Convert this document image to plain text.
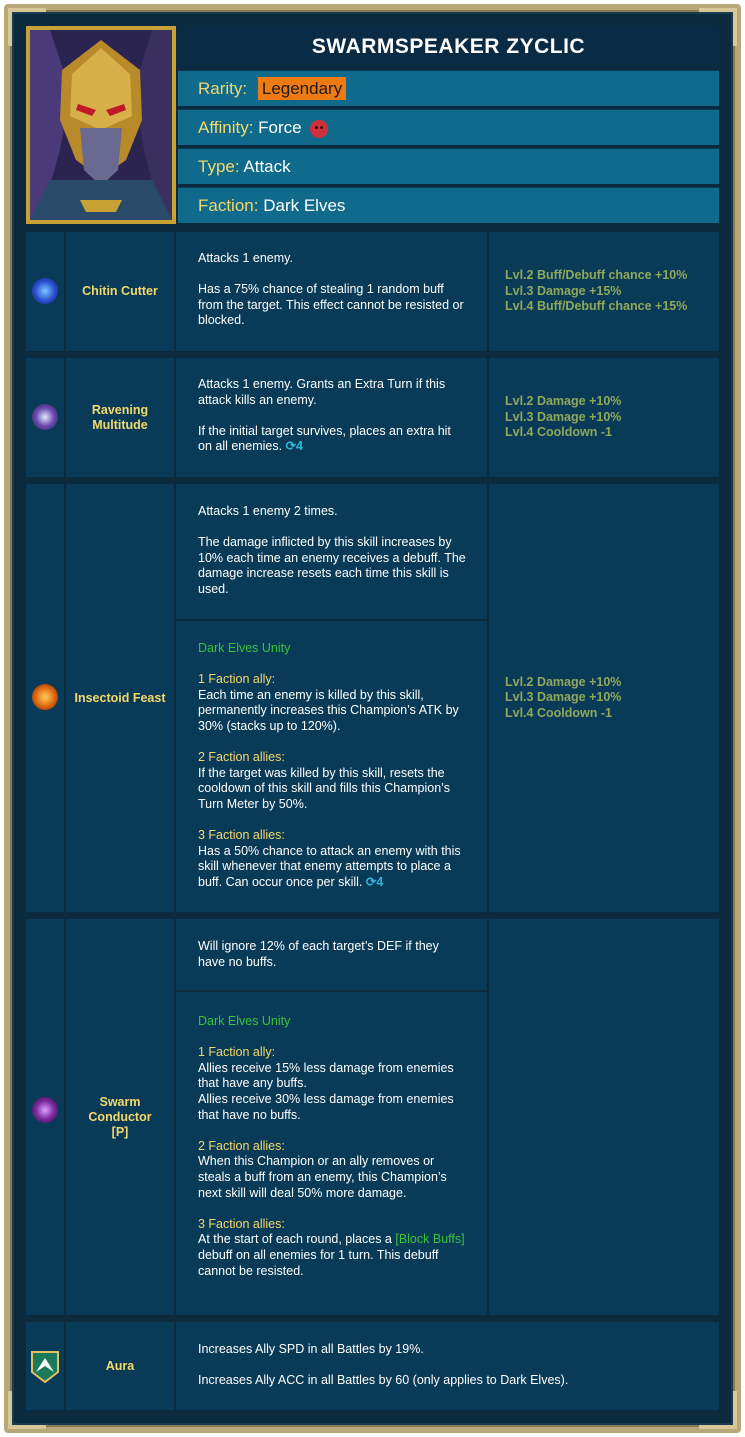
SWARMSPEAKER ZYCLIC
Rarity: Legendary
Affinity: Force
Type: Attack
Faction: Dark Elves
Chitin Cutter

Attacks 1 enemy.

Has a 75% chance of stealing 1 random buff from the target. This effect cannot be resisted or blocked.

Lvl.2 Buff/Debuff chance +10%
Lvl.3 Damage +15%
Lvl.4 Buff/Debuff chance +15%
Ravening Multitude

Attacks 1 enemy. Grants an Extra Turn if this attack kills an enemy.

If the initial target survives, places an extra hit on all enemies. ⟳4

Lvl.2 Damage +10%
Lvl.3 Damage +10%
Lvl.4 Cooldown -1
Insectoid Feast

Attacks 1 enemy 2 times.

The damage inflicted by this skill increases by 10% each time an enemy receives a debuff. The damage increase resets each time this skill is used.

Dark Elves Unity

1 Faction ally:
Each time an enemy is killed by this skill, permanently increases this Champion’s ATK by 30% (stacks up to 120%).

2 Faction allies:
If the target was killed by this skill, resets the cooldown of this skill and fills this Champion’s Turn Meter by 50%.

3 Faction allies:
Has a 50% chance to attack an enemy with this skill whenever that enemy attempts to place a buff. Can occur once per skill. ⟳4

Lvl.2 Damage +10%
Lvl.3 Damage +10%
Lvl.4 Cooldown -1
Swarm
Conductor
[P]

Will ignore 12% of each target’s DEF if they have no buffs.

Dark Elves Unity

1 Faction ally:
Allies receive 15% less damage from enemies that have any buffs.
Allies receive 30% less damage from enemies that have no buffs.

2 Faction allies:
When this Champion or an ally removes or steals a buff from an enemy, this Champion’s next skill will deal 50% more damage.

3 Faction allies:
At the start of each round, places a [Block Buffs] debuff on all enemies for 1 turn. This debuff cannot be resisted.

Aura

Increases Ally SPD in all Battles by 19%.

Increases Ally ACC in all Battles by 60 (only applies to Dark Elves).
